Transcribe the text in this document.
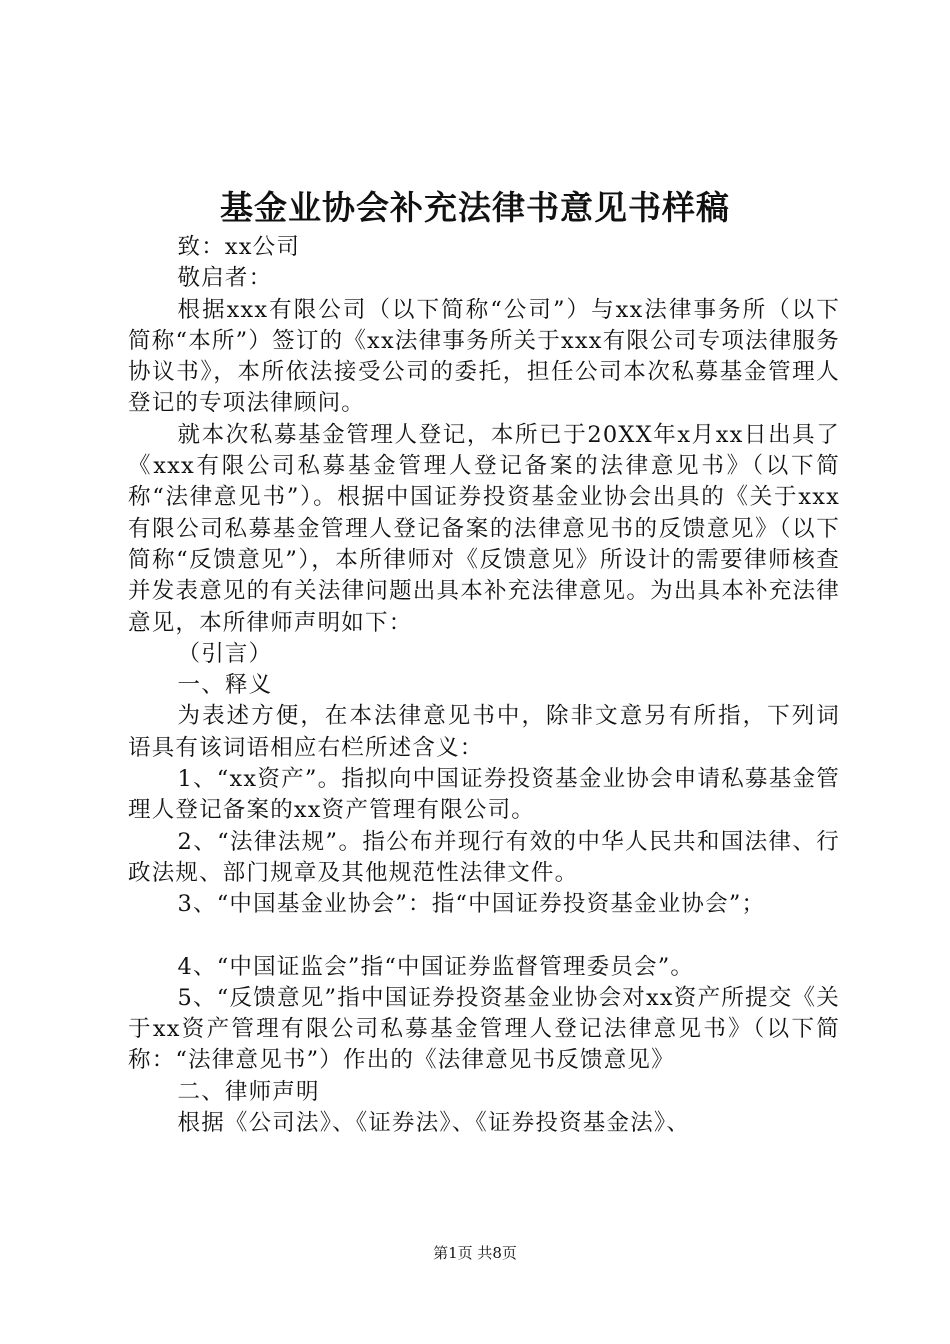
基金业协会补充法律书意见书样稿

致：xx公司

敬启者：

根据xxx有限公司（以下简称“公司”）与xx法律事务所（以下简称“本所”）签订的《xx法律事务所关于xxx有限公司专项法律服务协议书》，本所依法接受公司的委托，担任公司本次私募基金管理人登记的专项法律顾问。

就本次私募基金管理人登记，本所已于20XX年x月xx日出具了《xxx有限公司私募基金管理人登记备案的法律意见书》（以下简称“法律意见书”）。根据中国证券投资基金业协会出具的《关于xxx有限公司私募基金管理人登记备案的法律意见书的反馈意见》（以下简称“反馈意见”），本所律师对《反馈意见》所设计的需要律师核查并发表意见的有关法律问题出具本补充法律意见。为出具本补充法律意见，本所律师声明如下：

（引言）

一、释义

为表述方便，在本法律意见书中，除非文意另有所指，下列词语具有该词语相应右栏所述含义：

1、“xx资产”。指拟向中国证券投资基金业协会申请私募基金管理人登记备案的xx资产管理有限公司。

2、“法律法规”。指公布并现行有效的中华人民共和国法律、行政法规、部门规章及其他规范性法律文件。

3、“中国基金业协会”：指“中国证券投资基金业协会”；

4、“中国证监会”指“中国证券监督管理委员会”。

5、“反馈意见”指中国证券投资基金业协会对xx资产所提交《关于xx资产管理有限公司私募基金管理人登记法律意见书》（以下简称：“法律意见书”）作出的《法律意见书反馈意见》

二、律师声明

根据《公司法》、《证券法》、《证券投资基金法》、

第1页 共8页
